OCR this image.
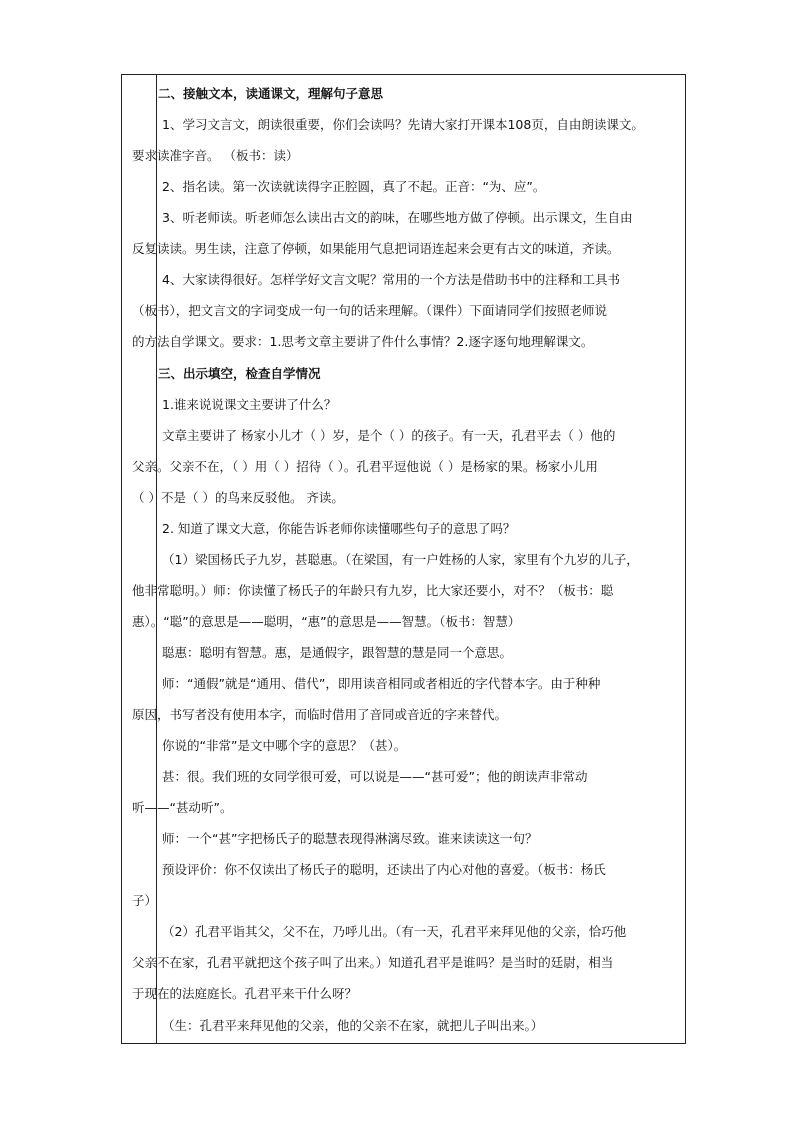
二、接触文本，读通课文，理解句子意思
1、学习文言文，朗读很重要，你们会读吗？先请大家打开课本108页，自由朗读课文。
要求读准字音。 （板书：读）
2、指名读。第一次读就读得字正腔圆，真了不起。正音：“为、应”。
3、听老师读。听老师怎么读出古文的韵味，在哪些地方做了停顿。出示课文，生自由
反复读读。男生读，注意了停顿，如果能用气息把词语连起来会更有古文的味道，齐读。
4、大家读得很好。怎样学好文言文呢？常用的一个方法是借助书中的注释和工具书
（板书），把文言文的字词变成一句一句的话来理解。（课件）下面请同学们按照老师说
的方法自学课文。要求：1.思考文章主要讲了件什么事情？2.逐字逐句地理解课文。
三、出示填空，检查自学情况
1.谁来说说课文主要讲了什么？
文章主要讲了 杨家小儿才（ ）岁，是个（ ）的孩子。有一天，孔君平去（ ）他的
父亲。父亲不在，（ ）用（ ）招待（ ）。孔君平逗他说（ ）是杨家的果。杨家小儿用
（ ）不是（ ）的鸟来反驳他。 齐读。
2. 知道了课文大意，你能告诉老师你读懂哪些句子的意思了吗？
（1）梁国杨氏子九岁，甚聪惠。（在梁国，有一户姓杨的人家，家里有个九岁的儿子，
他非常聪明。）师：你读懂了杨氏子的年龄只有九岁，比大家还要小，对不？（板书：聪
惠）。“聪”的意思是——聪明，“惠”的意思是——智慧。（板书：智慧）
聪惠：聪明有智慧。惠，是通假字，跟智慧的慧是同一个意思。
师：“通假”就是“通用、借代”，即用读音相同或者相近的字代替本字。由于种种
原因，书写者没有使用本字，而临时借用了音同或音近的字来替代。
你说的“非常”是文中哪个字的意思？（甚）。
甚：很。我们班的女同学很可爱，可以说是——“甚可爱”；他的朗读声非常动
听——“甚动听”。
师：一个“甚”字把杨氏子的聪慧表现得淋漓尽致。谁来读读这一句？
预设评价：你不仅读出了杨氏子的聪明，还读出了内心对他的喜爱。（板书：杨氏
子）
（2）孔君平诣其父，父不在，乃呼儿出。（有一天，孔君平来拜见他的父亲，恰巧他
父亲不在家，孔君平就把这个孩子叫了出来。）知道孔君平是谁吗？是当时的廷尉，相当
于现在的法庭庭长。孔君平来干什么呀？
（生：孔君平来拜见他的父亲，他的父亲不在家，就把儿子叫出来。）
